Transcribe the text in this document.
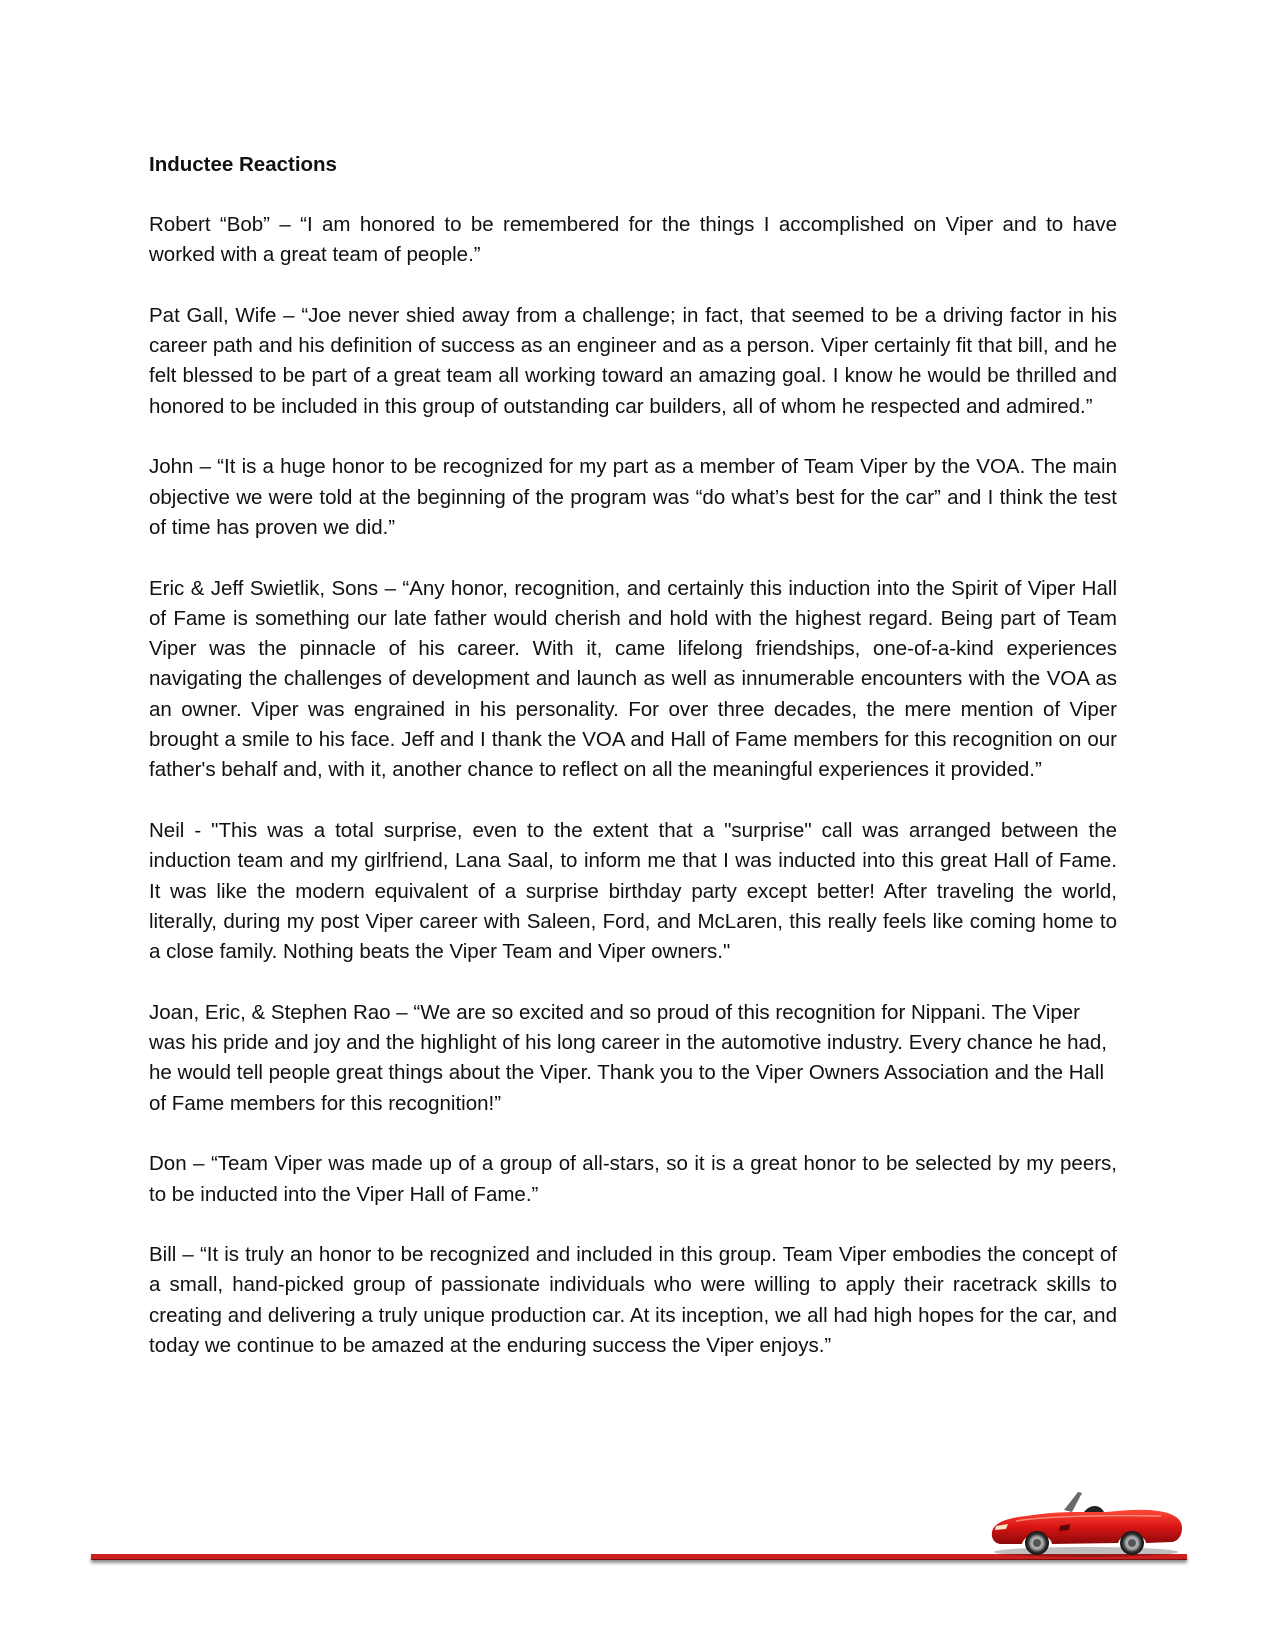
Inductee Reactions

Robert “Bob” – “I am honored to be remembered for the things I accomplished on Viper and to have worked with a great team of people.”

Pat Gall, Wife – “Joe never shied away from a challenge; in fact, that seemed to be a driving factor in his career path and his definition of success as an engineer and as a person. Viper certainly fit that bill, and he felt blessed to be part of a great team all working toward an amazing goal. I know he would be thrilled and honored to be included in this group of outstanding car builders, all of whom he respected and admired.”

John – “It is a huge honor to be recognized for my part as a member of Team Viper by the VOA. The main objective we were told at the beginning of the program was “do what’s best for the car” and I think the test of time has proven we did.”

Eric & Jeff Swietlik, Sons – “Any honor, recognition, and certainly this induction into the Spirit of Viper Hall of Fame is something our late father would cherish and hold with the highest regard. Being part of Team Viper was the pinnacle of his career. With it, came lifelong friendships, one-of-a-kind experiences navigating the challenges of development and launch as well as innumerable encounters with the VOA as an owner. Viper was engrained in his personality. For over three decades, the mere mention of Viper brought a smile to his face. Jeff and I thank the VOA and Hall of Fame members for this recognition on our father's behalf and, with it, another chance to reflect on all the meaningful experiences it provided.”

Neil - "This was a total surprise, even to the extent that a "surprise" call was arranged between the induction team and my girlfriend, Lana Saal, to inform me that I was inducted into this great Hall of Fame. It was like the modern equivalent of a surprise birthday party except better! After traveling the world, literally, during my post Viper career with Saleen, Ford, and McLaren, this really feels like coming home to a close family. Nothing beats the Viper Team and Viper owners."

Joan, Eric, & Stephen Rao – “We are so excited and so proud of this recognition for Nippani. The Viper was his pride and joy and the highlight of his long career in the automotive industry. Every chance he had, he would tell people great things about the Viper. Thank you to the Viper Owners Association and the Hall of Fame members for this recognition!”

Don – “Team Viper was made up of a group of all-stars, so it is a great honor to be selected by my peers, to be inducted into the Viper Hall of Fame.”

Bill – “It is truly an honor to be recognized and included in this group. Team Viper embodies the concept of a small, hand-picked group of passionate individuals who were willing to apply their racetrack skills to creating and delivering a truly unique production car. At its inception, we all had high hopes for the car, and today we continue to be amazed at the enduring success the Viper enjoys.”
